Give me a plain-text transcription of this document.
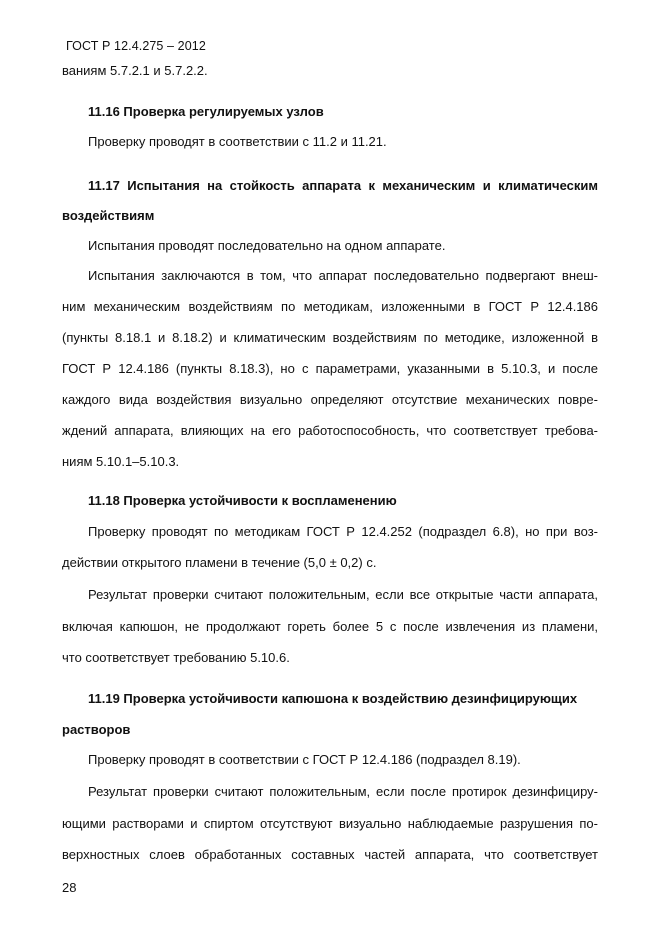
ГОСТ Р 12.4.275 – 2012
ваниям 5.7.2.1 и 5.7.2.2.
11.16 Проверка регулируемых узлов
Проверку проводят в соответствии с 11.2 и 11.21.
11.17 Испытания на стойкость аппарата к механическим и климатическим
воздействиям
Испытания проводят последовательно на одном аппарате.
Испытания заключаются в том, что аппарат последовательно подвергают внеш-
ним механическим воздействиям по методикам, изложенными в ГОСТ Р 12.4.186
(пункты 8.18.1 и 8.18.2) и климатическим воздействиям по методике, изложенной в
ГОСТ Р 12.4.186 (пункты 8.18.3), но с параметрами, указанными в 5.10.3, и после
каждого вида воздействия визуально определяют отсутствие механических повре-
ждений аппарата, влияющих на его работоспособность, что соответствует требова-
ниям 5.10.1–5.10.3.
11.18 Проверка устойчивости к воспламенению
Проверку проводят по методикам ГОСТ Р 12.4.252 (подраздел 6.8), но при воз-
действии открытого пламени в течение (5,0 ± 0,2) с.
Результат проверки считают положительным, если все открытые части аппарата,
включая капюшон, не продолжают гореть более 5 с после извлечения из пламени,
что соответствует требованию 5.10.6.
11.19 Проверка устойчивости капюшона к воздействию дезинфицирующих
растворов
Проверку проводят в соответствии с ГОСТ Р 12.4.186 (подраздел 8.19).
Результат проверки считают положительным, если после протирок дезинфициру-
ющими растворами и спиртом отсутствуют визуально наблюдаемые разрушения по-
верхностных слоев обработанных составных частей аппарата, что соответствует
28
